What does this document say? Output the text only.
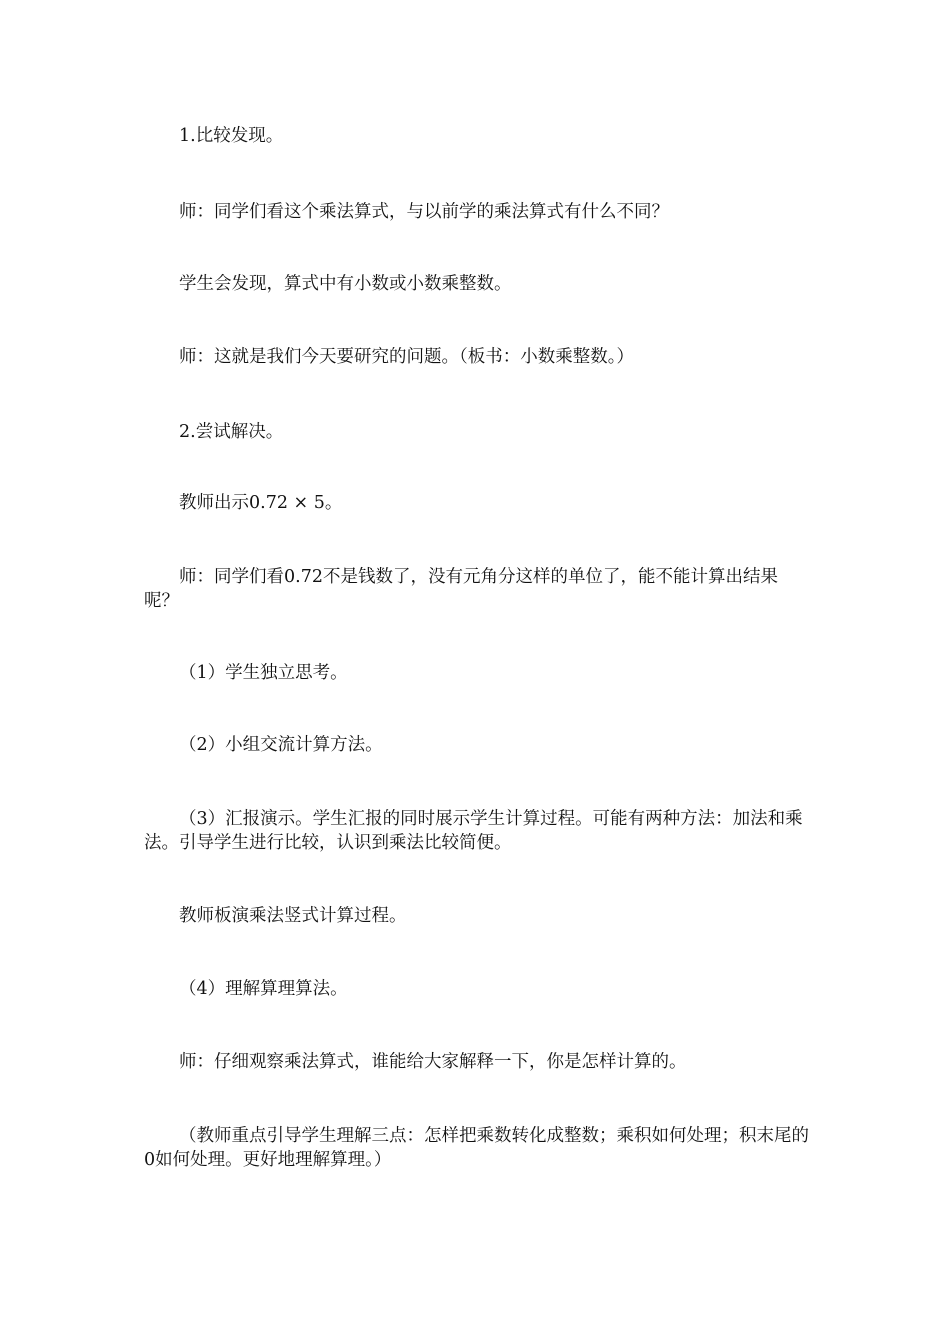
1.比较发现。

师：同学们看这个乘法算式，与以前学的乘法算式有什么不同？

学生会发现，算式中有小数或小数乘整数。

师：这就是我们今天要研究的问题。（板书：小数乘整数。）

2.尝试解决。

教师出示0.72 × 5。

师：同学们看0.72不是钱数了，没有元角分这样的单位了，能不能计算出结果呢？

（1）学生独立思考。

（2）小组交流计算方法。

（3）汇报演示。学生汇报的同时展示学生计算过程。可能有两种方法：加法和乘法。引导学生进行比较，认识到乘法比较简便。

教师板演乘法竖式计算过程。

（4）理解算理算法。

师：仔细观察乘法算式，谁能给大家解释一下，你是怎样计算的。

（教师重点引导学生理解三点：怎样把乘数转化成整数；乘积如何处理；积末尾的0如何处理。更好地理解算理。）
